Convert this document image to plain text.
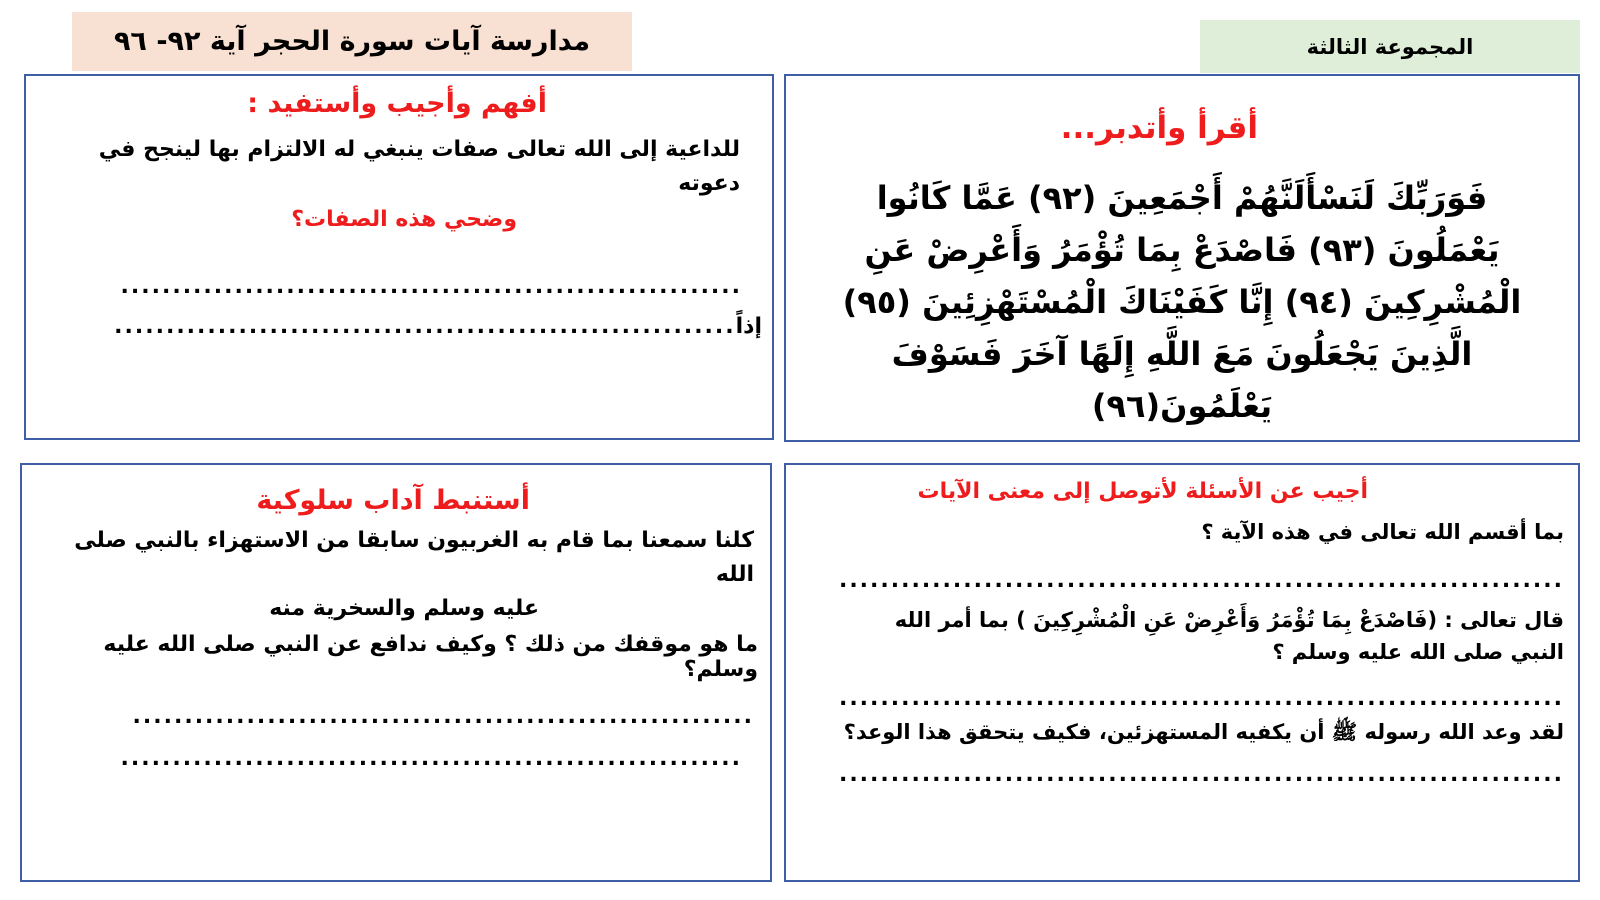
مدارسة آيات سورة الحجر آية ٩٢- ٩٦	المجموعة الثالثة
أقرأ وأتدبر...
فَوَرَبِّكَ لَنَسْأَلَنَّهُمْ أَجْمَعِينَ (٩٢) عَمَّا كَانُوا يَعْمَلُونَ (٩٣) فَاصْدَعْ بِمَا تُؤْمَرُ وَأَعْرِضْ عَنِ الْمُشْرِكِينَ (٩٤) إِنَّا كَفَيْنَاكَ الْمُسْتَهْزِئِينَ (٩٥) الَّذِينَ يَجْعَلُونَ مَعَ اللَّهِ إِلَهًا آخَرَ فَسَوْفَ يَعْلَمُونَ(٩٦)
أفهم وأجيب وأستفيد :
للداعية إلى الله تعالى صفات ينبغي له الالتزام بها لينجح في دعوته
وضحي هذه الصفات؟
............................................................
إذاً
............................................................
أجيب عن الأسئلة لأتوصل إلى معنى الآيات
بما أقسم الله تعالى في هذه الآية ؟
......................................................................
قال تعالى : (فَاصْدَعْ بِمَا تُؤْمَرُ وَأَعْرِضْ عَنِ الْمُشْرِكِينَ ) بما أمر الله النبي صلى الله عليه وسلم ؟
......................................................................
لقد وعد الله رسوله ﷺ أن يكفيه المستهزئين، فكيف يتحقق هذا الوعد؟
......................................................................
أستنبط آداب سلوكية
كلنا سمعنا بما قام به الغربيون سابقا من الاستهزاء بالنبي صلى الله
عليه وسلم والسخرية منه
ما هو موقفك من ذلك ؟ وكيف ندافع عن النبي صلى الله عليه وسلم؟
............................................................
............................................................
